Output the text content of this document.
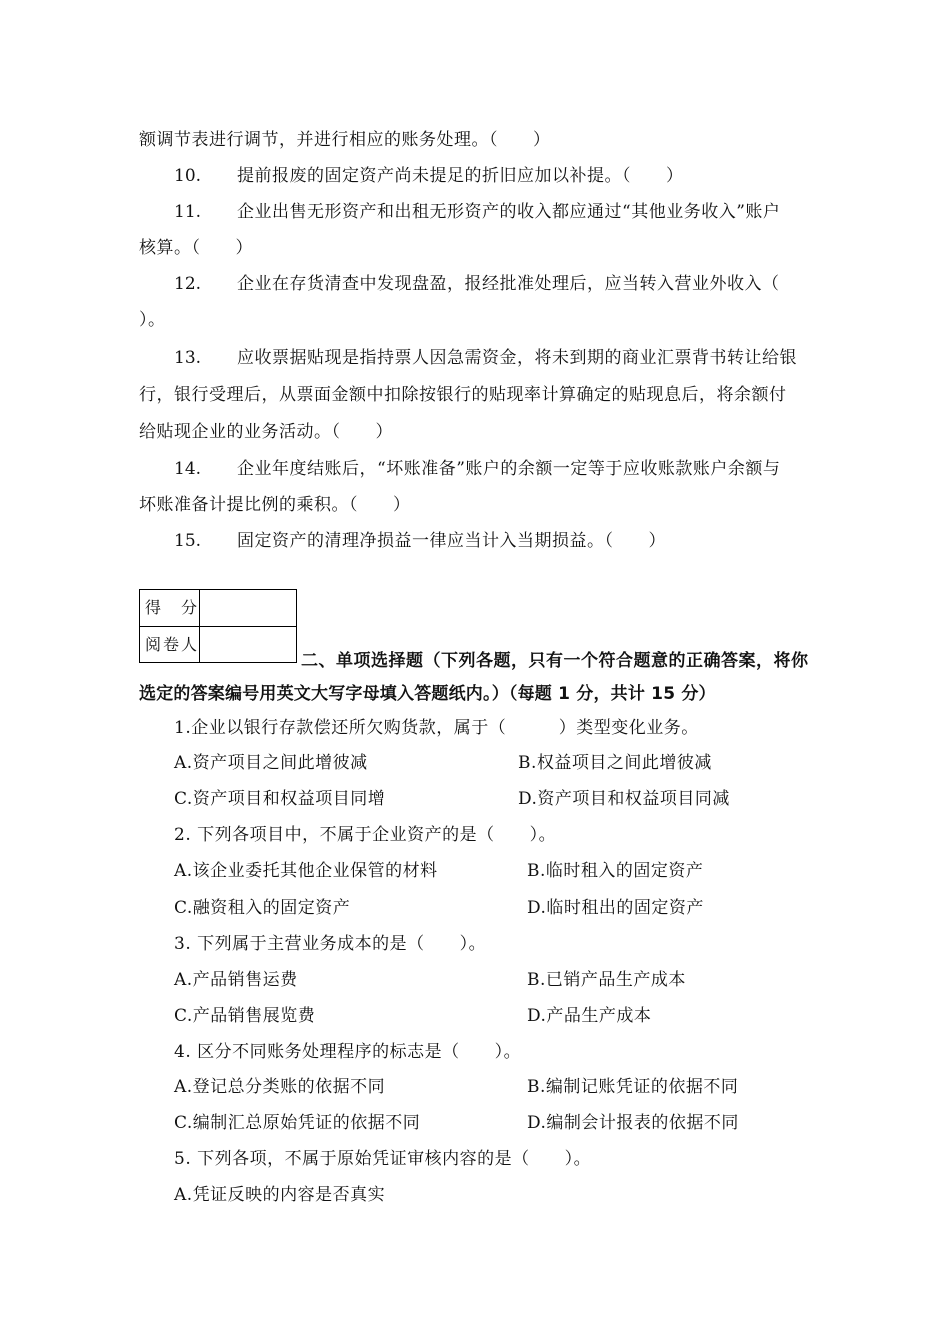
额调节表进行调节，并进行相应的账务处理。（　　）
10. 提前报废的固定资产尚未提足的折旧应加以补提。（　　）
11. 企业出售无形资产和出租无形资产的收入都应通过“其他业务收入”账户
核算。（　　）
12. 企业在存货清查中发现盘盈，报经批准处理后，应当转入营业外收入（
）。
13. 应收票据贴现是指持票人因急需资金，将未到期的商业汇票背书转让给银
行，银行受理后，从票面金额中扣除按银行的贴现率计算确定的贴现息后，将余额付
给贴现企业的业务活动。（　　）
14. 企业年度结账后，“坏账准备”账户的余额一定等于应收账款账户余额与
坏账准备计提比例的乘积。（　　）
15. 固定资产的清理净损益一律应当计入当期损益。（　　）
得　分
阅卷人
二、单项选择题（下列各题，只有一个符合题意的正确答案，将你
选定的答案编号用英文大写字母填入答题纸内。）（每题 1 分，共计 15 分）
1.企业以银行存款偿还所欠购货款，属于（　　　）类型变化业务。
A.资产项目之间此增彼减	B.权益项目之间此增彼减
C.资产项目和权益项目同增	D.资产项目和权益项目同减
2. 下列各项目中，不属于企业资产的是（　　）。
A.该企业委托其他企业保管的材料	B.临时租入的固定资产
C.融资租入的固定资产	D.临时租出的固定资产
3. 下列属于主营业务成本的是（　　）。
A.产品销售运费	B.已销产品生产成本
C.产品销售展览费	D.产品生产成本
4. 区分不同账务处理程序的标志是（　　）。
A.登记总分类账的依据不同	B.编制记账凭证的依据不同
C.编制汇总原始凭证的依据不同	D.编制会计报表的依据不同
5. 下列各项，不属于原始凭证审核内容的是（　　）。
A.凭证反映的内容是否真实
